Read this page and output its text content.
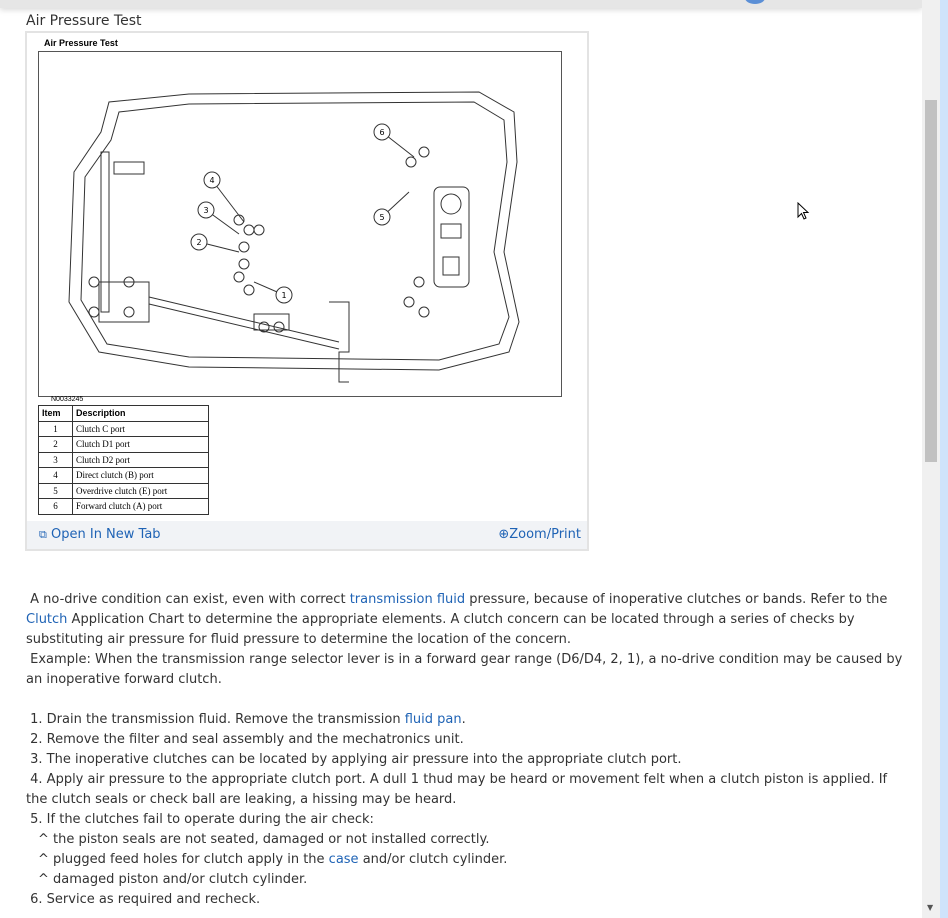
Air Pressure Test
Air Pressure Test
1
2
3
4
5
6
N0033245
Item	Description
1	Clutch C port
2	Clutch D1 port
3	Clutch D2 port
4	Direct clutch (B) port
5	Overdrive clutch (E) port
6	Forward clutch (A) port
⧉ Open In New Tab	⊕Zoom/Print
A no-drive condition can exist, even with correct transmission fluid pressure, because of inoperative clutches or bands. Refer to the Clutch Application Chart to determine the appropriate elements. A clutch concern can be located through a series of checks by substituting air pressure for fluid pressure to determine the location of the concern.
Example: When the transmission range selector lever is in a forward gear range (D6/D4, 2, 1), a no-drive condition may be caused by an inoperative forward clutch.
1. Drain the transmission fluid. Remove the transmission fluid pan.
2. Remove the filter and seal assembly and the mechatronics unit.
3. The inoperative clutches can be located by applying air pressure into the appropriate clutch port.
4. Apply air pressure to the appropriate clutch port. A dull 1 thud may be heard or movement felt when a clutch piston is applied. If the clutch seals or check ball are leaking, a hissing may be heard.
5. If the clutches fail to operate during the air check:
^ the piston seals are not seated, damaged or not installed correctly.
^ plugged feed holes for clutch apply in the case and/or clutch cylinder.
^ damaged piston and/or clutch cylinder.
6. Service as required and recheck.
▼
